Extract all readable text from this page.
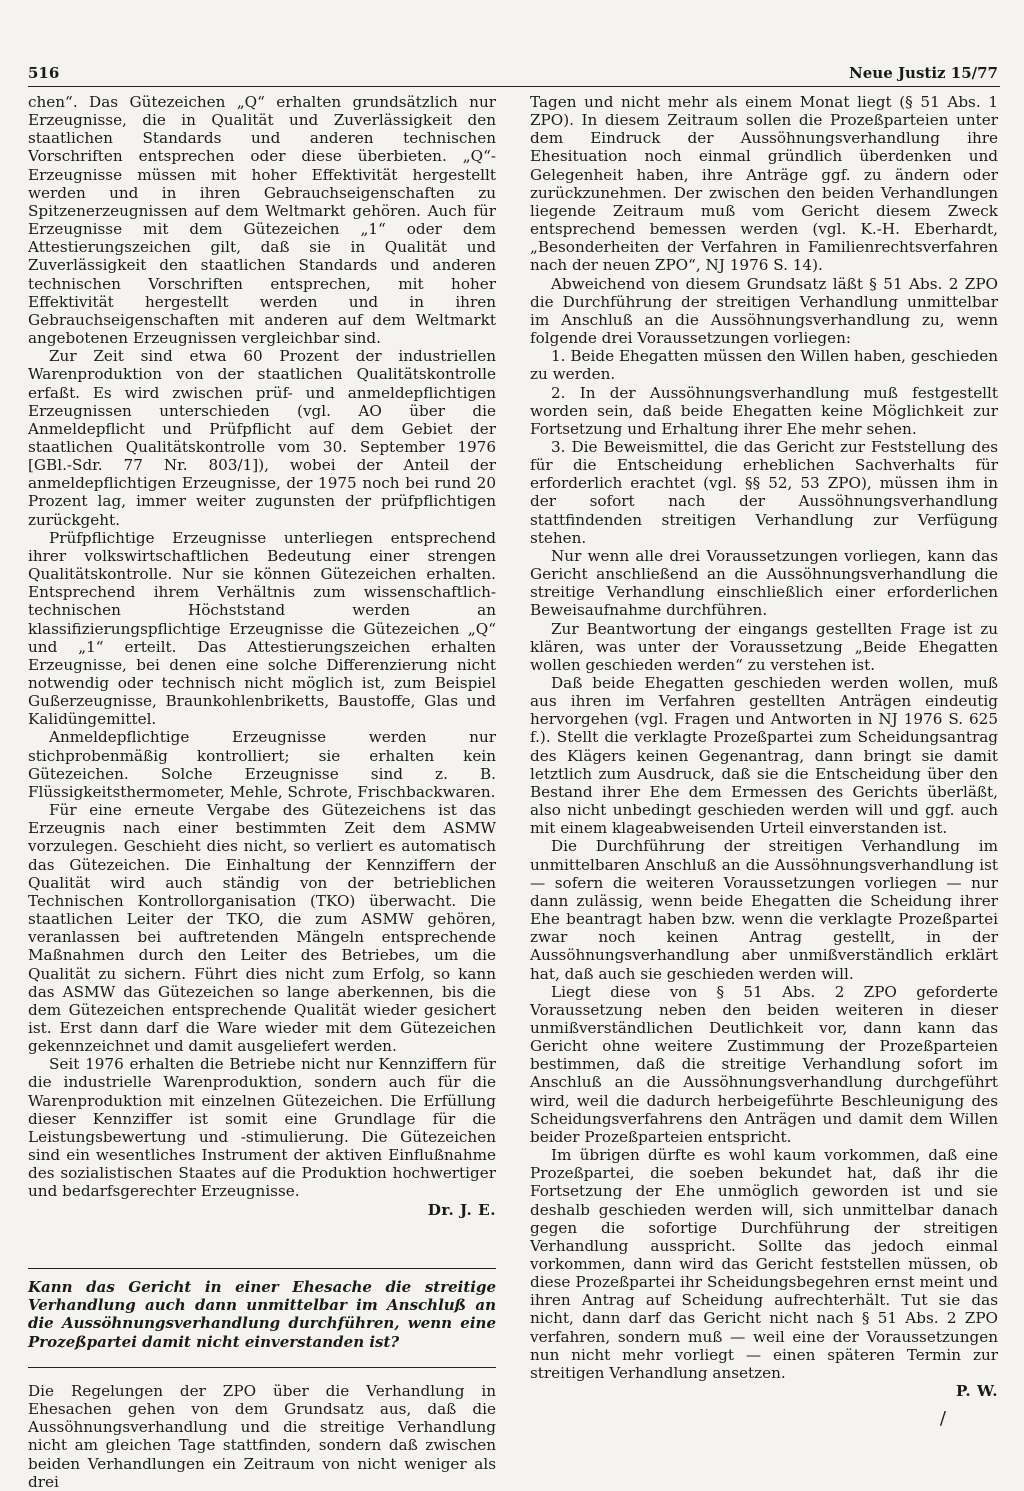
516	Neue Justiz 15/77

chen“. Das Gütezeichen „Q“ erhalten grundsätzlich nur Erzeugnisse, die in Qualität und Zuverlässigkeit den staatlichen Standards und anderen technischen Vorschriften entsprechen oder diese überbieten. „Q“-Erzeugnisse müssen mit hoher Effektivität hergestellt werden und in ihren Gebrauchseigenschaften zu Spitzenerzeugnissen auf dem Weltmarkt gehören. Auch für Erzeugnisse mit dem Gütezeichen „1“ oder dem Attestierungszeichen gilt, daß sie in Qualität und Zuverlässigkeit den staatlichen Standards und anderen technischen Vorschriften entsprechen, mit hoher Effektivität hergestellt werden und in ihren Gebrauchseigenschaften mit anderen auf dem Weltmarkt angebotenen Erzeugnissen vergleichbar sind.

Zur Zeit sind etwa 60 Prozent der industriellen Warenproduktion von der staatlichen Qualitätskontrolle erfaßt. Es wird zwischen prüf- und anmeldepflichtigen Erzeugnissen unterschieden (vgl. AO über die Anmeldepflicht und Prüfpflicht auf dem Gebiet der staatlichen Qualitätskontrolle vom 30. September 1976 [GBl.-Sdr. 77 Nr. 803/1]), wobei der Anteil der anmeldepflichtigen Erzeugnisse, der 1975 noch bei rund 20 Prozent lag, immer weiter zugunsten der prüfpflichtigen zurückgeht.

Prüfpflichtige Erzeugnisse unterliegen entsprechend ihrer volkswirtschaftlichen Bedeutung einer strengen Qualitätskontrolle. Nur sie können Gütezeichen erhalten. Entsprechend ihrem Verhältnis zum wissenschaftlich-technischen Höchststand werden an klassifizierungspflichtige Erzeugnisse die Gütezeichen „Q“ und „1“ erteilt. Das Attestierungszeichen erhalten Erzeugnisse, bei denen eine solche Differenzierung nicht notwendig oder technisch nicht möglich ist, zum Beispiel Gußerzeugnisse, Braunkohlenbriketts, Baustoffe, Glas und Kalidüngemittel.

Anmeldepflichtige Erzeugnisse werden nur stichprobenmäßig kontrolliert; sie erhalten kein Gütezeichen. Solche Erzeugnisse sind z. B. Flüssigkeitsthermometer, Mehle, Schrote, Frischbackwaren.

Für eine erneute Vergabe des Gütezeichens ist das Erzeugnis nach einer bestimmten Zeit dem ASMW vorzulegen. Geschieht dies nicht, so verliert es automatisch das Gütezeichen. Die Einhaltung der Kennziffern der Qualität wird auch ständig von der betrieblichen Technischen Kontrollorganisation (TKO) überwacht. Die staatlichen Leiter der TKO, die zum ASMW gehören, veranlassen bei auftretenden Mängeln entsprechende Maßnahmen durch den Leiter des Betriebes, um die Qualität zu sichern. Führt dies nicht zum Erfolg, so kann das ASMW das Gütezeichen so lange aberkennen, bis die dem Gütezeichen entsprechende Qualität wieder gesichert ist. Erst dann darf die Ware wieder mit dem Gütezeichen gekennzeichnet und damit ausgeliefert werden.

Seit 1976 erhalten die Betriebe nicht nur Kennziffern für die industrielle Warenproduktion, sondern auch für die Warenproduktion mit einzelnen Gütezeichen. Die Erfüllung dieser Kennziffer ist somit eine Grundlage für die Leistungsbewertung und -stimulierung. Die Gütezeichen sind ein wesentliches Instrument der aktiven Einflußnahme des sozialistischen Staates auf die Produktion hochwertiger und bedarfsgerechter Erzeugnisse.

Dr. J. E.

Kann das Gericht in einer Ehesache die streitige Verhandlung auch dann unmittelbar im Anschluß an die Aussöhnungsverhandlung durchführen, wenn eine Prozeßpartei damit nicht einverstanden ist?

Die Regelungen der ZPO über die Verhandlung in Ehesachen gehen von dem Grundsatz aus, daß die Aussöhnungsverhandlung und die streitige Verhandlung nicht am gleichen Tage stattfinden, sondern daß zwischen beiden Verhandlungen ein Zeitraum von nicht weniger als drei

Tagen und nicht mehr als einem Monat liegt (§ 51 Abs. 1 ZPO). In diesem Zeitraum sollen die Prozeßparteien unter dem Eindruck der Aussöhnungsverhandlung ihre Ehesituation noch einmal gründlich überdenken und Gelegenheit haben, ihre Anträge ggf. zu ändern oder zurückzunehmen. Der zwischen den beiden Verhandlungen liegende Zeitraum muß vom Gericht diesem Zweck entsprechend bemessen werden (vgl. K.-H. Eberhardt, „Besonderheiten der Verfahren in Familienrechtsverfahren nach der neuen ZPO“, NJ 1976 S. 14).

Abweichend von diesem Grundsatz läßt § 51 Abs. 2 ZPO die Durchführung der streitigen Verhandlung unmittelbar im Anschluß an die Aussöhnungsverhandlung zu, wenn folgende drei Voraussetzungen vorliegen:

1. Beide Ehegatten müssen den Willen haben, geschieden zu werden.

2. In der Aussöhnungsverhandlung muß festgestellt worden sein, daß beide Ehegatten keine Möglichkeit zur Fortsetzung und Erhaltung ihrer Ehe mehr sehen.

3. Die Beweismittel, die das Gericht zur Feststellung des für die Entscheidung erheblichen Sachverhalts für erforderlich erachtet (vgl. §§ 52, 53 ZPO), müssen ihm in der sofort nach der Aussöhnungsverhandlung stattfindenden streitigen Verhandlung zur Verfügung stehen.

Nur wenn alle drei Voraussetzungen vorliegen, kann das Gericht anschließend an die Aussöhnungsverhandlung die streitige Verhandlung einschließlich einer erforderlichen Beweisaufnahme durchführen.

Zur Beantwortung der eingangs gestellten Frage ist zu klären, was unter der Voraussetzung „Beide Ehegatten wollen geschieden werden“ zu verstehen ist.

Daß beide Ehegatten geschieden werden wollen, muß aus ihren im Verfahren gestellten Anträgen eindeutig hervorgehen (vgl. Fragen und Antworten in NJ 1976 S. 625 f.). Stellt die verklagte Prozeßpartei zum Scheidungsantrag des Klägers keinen Gegenantrag, dann bringt sie damit letztlich zum Ausdruck, daß sie die Entscheidung über den Bestand ihrer Ehe dem Ermessen des Gerichts überläßt, also nicht unbedingt geschieden werden will und ggf. auch mit einem klageabweisenden Urteil einverstanden ist.

Die Durchführung der streitigen Verhandlung im unmittelbaren Anschluß an die Aussöhnungsverhandlung ist — sofern die weiteren Voraussetzungen vorliegen — nur dann zulässig, wenn beide Ehegatten die Scheidung ihrer Ehe beantragt haben bzw. wenn die verklagte Prozeßpartei zwar noch keinen Antrag gestellt, in der Aussöhnungsverhandlung aber unmißverständlich erklärt hat, daß auch sie geschieden werden will.

Liegt diese von § 51 Abs. 2 ZPO geforderte Voraussetzung neben den beiden weiteren in dieser unmißverständlichen Deutlichkeit vor, dann kann das Gericht ohne weitere Zustimmung der Prozeßparteien bestimmen, daß die streitige Verhandlung sofort im Anschluß an die Aussöhnungsverhandlung durchgeführt wird, weil die dadurch herbeigeführte Beschleunigung des Scheidungsverfahrens den Anträgen und damit dem Willen beider Prozeßparteien entspricht.

Im übrigen dürfte es wohl kaum vorkommen, daß eine Prozeßpartei, die soeben bekundet hat, daß ihr die Fortsetzung der Ehe unmöglich geworden ist und sie deshalb geschieden werden will, sich unmittelbar danach gegen die sofortige Durchführung der streitigen Verhandlung ausspricht. Sollte das jedoch einmal vorkommen, dann wird das Gericht feststellen müssen, ob diese Prozeßpartei ihr Scheidungsbegehren ernst meint und ihren Antrag auf Scheidung aufrechterhält. Tut sie das nicht, dann darf das Gericht nicht nach § 51 Abs. 2 ZPO verfahren, sondern muß — weil eine der Voraussetzungen nun nicht mehr vorliegt — einen späteren Termin zur streitigen Verhandlung ansetzen.

P. W.

/
